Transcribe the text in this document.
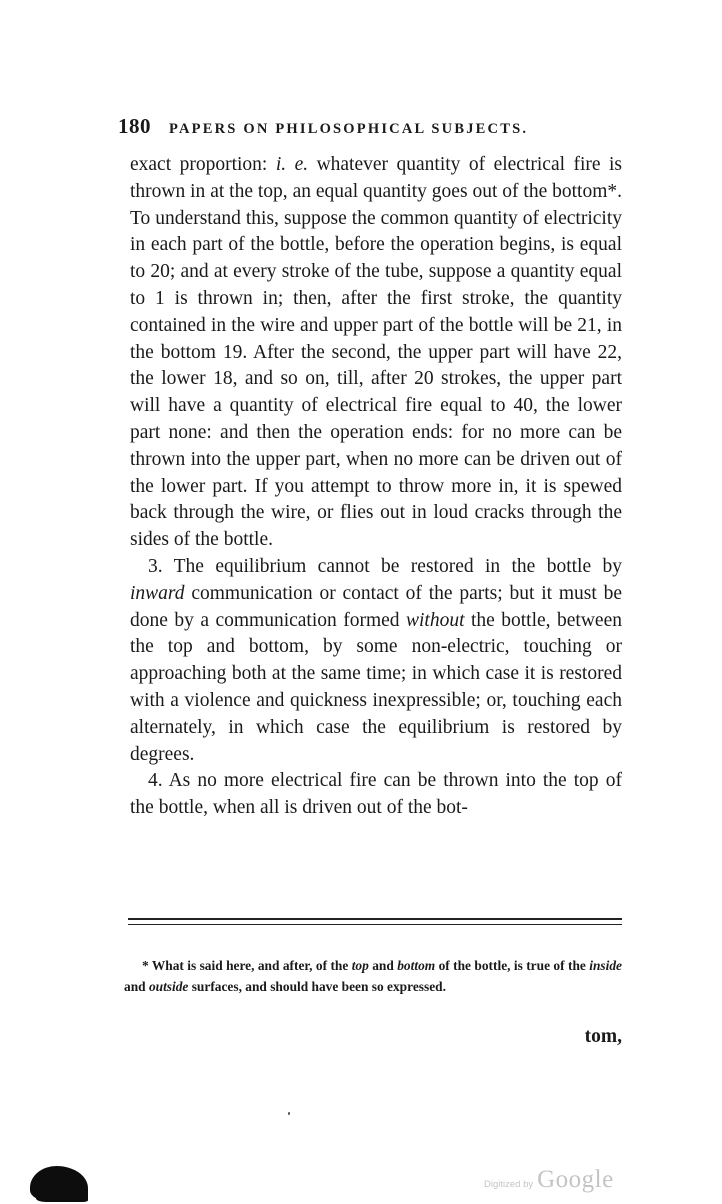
180 PAPERS ON PHILOSOPHICAL SUBJECTS.

exact proportion: i. e. whatever quantity of electrical fire is thrown in at the top, an equal quantity goes out of the bottom*. To understand this, suppose the common quantity of electricity in each part of the bottle, before the operation begins, is equal to 20; and at every stroke of the tube, suppose a quantity equal to 1 is thrown in; then, after the first stroke, the quantity contained in the wire and upper part of the bottle will be 21, in the bottom 19. After the second, the upper part will have 22, the lower 18, and so on, till, after 20 strokes, the upper part will have a quantity of electrical fire equal to 40, the lower part none: and then the operation ends: for no more can be thrown into the upper part, when no more can be driven out of the lower part. If you attempt to throw more in, it is spewed back through the wire, or flies out in loud cracks through the sides of the bottle.

3. The equilibrium cannot be restored in the bottle by inward communication or contact of the parts; but it must be done by a communication formed without the bottle, between the top and bottom, by some non-electric, touching or approaching both at the same time; in which case it is restored with a violence and quickness inexpressible; or, touching each alternately, in which case the equilibrium is restored by degrees.

4. As no more electrical fire can be thrown into the top of the bottle, when all is driven out of the bot-

* What is said here, and after, of the top and bottom of the bottle, is true of the inside and outside surfaces, and should have been so expressed.

tom,
Digitized by Google
